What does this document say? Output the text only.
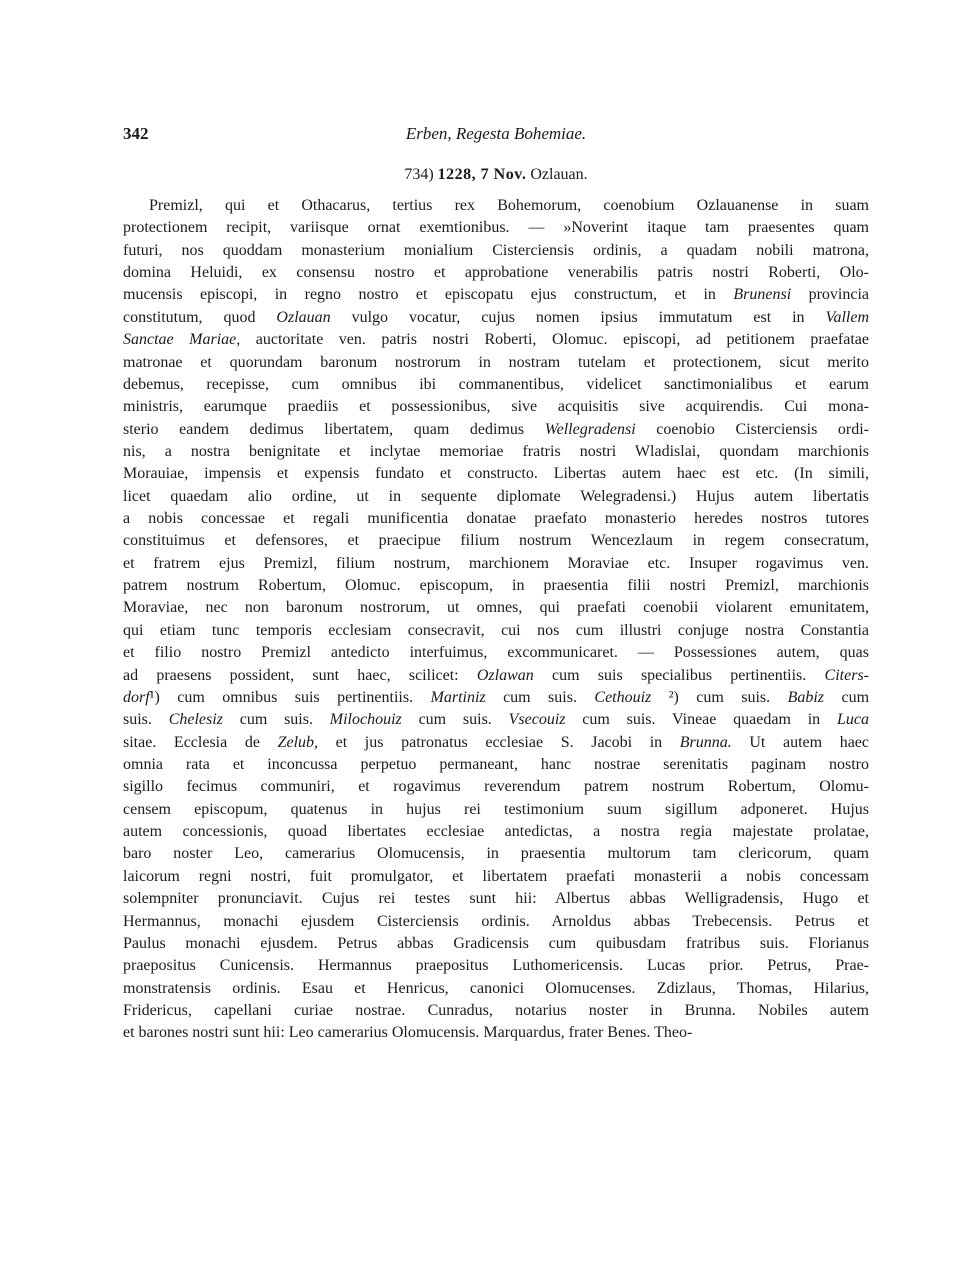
342	Erben, Regesta Bohemiae.
734) 1228, 7 Nov. Ozlauan.
Premizl, qui et Othacarus, tertius rex Bohemorum, coenobium Ozlauanense in suam
protectionem recipit, variisque ornat exemtionibus. — »Noverint itaque tam praesentes quam
futuri, nos quoddam monasterium monialium Cisterciensis ordinis, a quadam nobili matrona,
domina Heluidi, ex consensu nostro et approbatione venerabilis patris nostri Roberti, Olo-
mucensis episcopi, in regno nostro et episcopatu ejus constructum, et in Brunensi provincia
constitutum, quod Ozlauan vulgo vocatur, cujus nomen ipsius immutatum est in Vallem
Sanctae Mariae, auctoritate ven. patris nostri Roberti, Olomuc. episcopi, ad petitionem praefatae
matronae et quorundam baronum nostrorum in nostram tutelam et protectionem, sicut merito
debemus, recepisse, cum omnibus ibi commanentibus, videlicet sanctimonialibus et earum
ministris, earumque praediis et possessionibus, sive acquisitis sive acquirendis. Cui mona-
sterio eandem dedimus libertatem, quam dedimus Wellegradensi coenobio Cisterciensis ordi-
nis, a nostra benignitate et inclytae memoriae fratris nostri Wladislai, quondam marchionis
Morauiae, impensis et expensis fundato et constructo. Libertas autem haec est etc. (In simili,
licet quaedam alio ordine, ut in sequente diplomate Welegradensi.) Hujus autem libertatis
a nobis concessae et regali munificentia donatae praefato monasterio heredes nostros tutores
constituimus et defensores, et praecipue filium nostrum Wencezlaum in regem consecratum,
et fratrem ejus Premizl, filium nostrum, marchionem Moraviae etc. Insuper rogavimus ven.
patrem nostrum Robertum, Olomuc. episcopum, in praesentia filii nostri Premizl, marchionis
Moraviae, nec non baronum nostrorum, ut omnes, qui praefati coenobii violarent emunitatem,
qui etiam tunc temporis ecclesiam consecravit, cui nos cum illustri conjuge nostra Constantia
et filio nostro Premizl antedicto interfuimus, excommunicaret. — Possessiones autem, quas
ad praesens possident, sunt haec, scilicet: Ozlawan cum suis specialibus pertinentiis. Citers-
dorf¹) cum omnibus suis pertinentiis. Martiniz cum suis. Cethouiz ²) cum suis. Babiz cum
suis. Chelesiz cum suis. Milochouiz cum suis. Vsecouiz cum suis. Vineae quaedam in Luca
sitae. Ecclesia de Zelub, et jus patronatus ecclesiae S. Jacobi in Brunna. Ut autem haec
omnia rata et inconcussa perpetuo permaneant, hanc nostrae serenitatis paginam nostro
sigillo fecimus communiri, et rogavimus reverendum patrem nostrum Robertum, Olomu-
censem episcopum, quatenus in hujus rei testimonium suum sigillum adponeret. Hujus
autem concessionis, quoad libertates ecclesiae antedictas, a nostra regia majestate prolatae,
baro noster Leo, camerarius Olomucensis, in praesentia multorum tam clericorum, quam
laicorum regni nostri, fuit promulgator, et libertatem praefati monasterii a nobis concessam
solempniter pronunciavit. Cujus rei testes sunt hii: Albertus abbas Welligradensis, Hugo et
Hermannus, monachi ejusdem Cisterciensis ordinis. Arnoldus abbas Trebecensis. Petrus et
Paulus monachi ejusdem. Petrus abbas Gradicensis cum quibusdam fratribus suis. Florianus
praepositus Cunicensis. Hermannus praepositus Luthomericensis. Lucas prior. Petrus, Prae-
monstratensis ordinis. Esau et Henricus, canonici Olomucenses. Zdizlaus, Thomas, Hilarius,
Fridericus, capellani curiae nostrae. Cunradus, notarius noster in Brunna. Nobiles autem
et barones nostri sunt hii: Leo camerarius Olomucensis. Marquardus, frater Benes. Theo-
